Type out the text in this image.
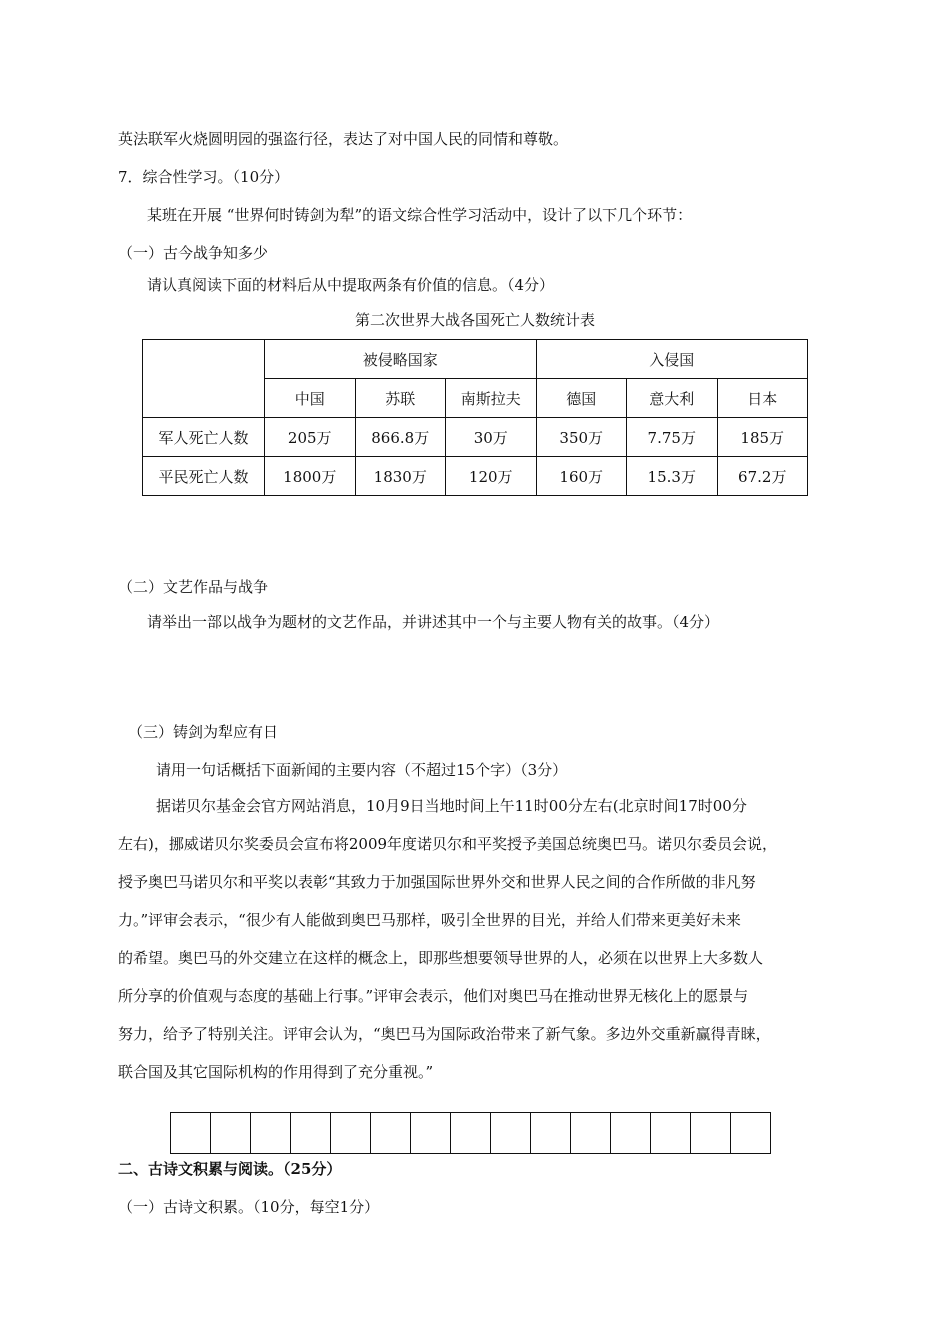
英法联军火烧圆明园的强盗行径，表达了对中国人民的同情和尊敬。
7．综合性学习。（10分）
某班在开展 “世界何时铸剑为犁”的语文综合性学习活动中，设计了以下几个环节：
（一）古今战争知多少
请认真阅读下面的材料后从中提取两条有价值的信息。（4分）
第二次世界大战各国死亡人数统计表
	被侵略国家			入侵国		
	中国	苏联	南斯拉夫	德国	意大利	日本
军人死亡人数	205万	866.8万	30万	350万	7.75万	185万
平民死亡人数	1800万	1830万	120万	160万	15.3万	67.2万
（二）文艺作品与战争
请举出一部以战争为题材的文艺作品，并讲述其中一个与主要人物有关的故事。（4分）
（三）铸剑为犁应有日
请用一句话概括下面新闻的主要内容（不超过15个字）（3分）
据诺贝尔基金会官方网站消息，10月9日当地时间上午11时00分左右(北京时间17时00分
左右)，挪威诺贝尔奖委员会宣布将2009年度诺贝尔和平奖授予美国总统奥巴马。诺贝尔委员会说，
授予奥巴马诺贝尔和平奖以表彰“其致力于加强国际世界外交和世界人民之间的合作所做的非凡努
力。”评审会表示，“很少有人能做到奥巴马那样，吸引全世界的目光，并给人们带来更美好未来
的希望。奥巴马的外交建立在这样的概念上，即那些想要领导世界的人，必须在以世界上大多数人
所分享的价值观与态度的基础上行事。”评审会表示，他们对奥巴马在推动世界无核化上的愿景与
努力，给予了特别关注。评审会认为，“奥巴马为国际政治带来了新气象。多边外交重新赢得青睐，
联合国及其它国际机构的作用得到了充分重视。”
二、古诗文积累与阅读。（25分）
（一）古诗文积累。（10分，每空1分）
